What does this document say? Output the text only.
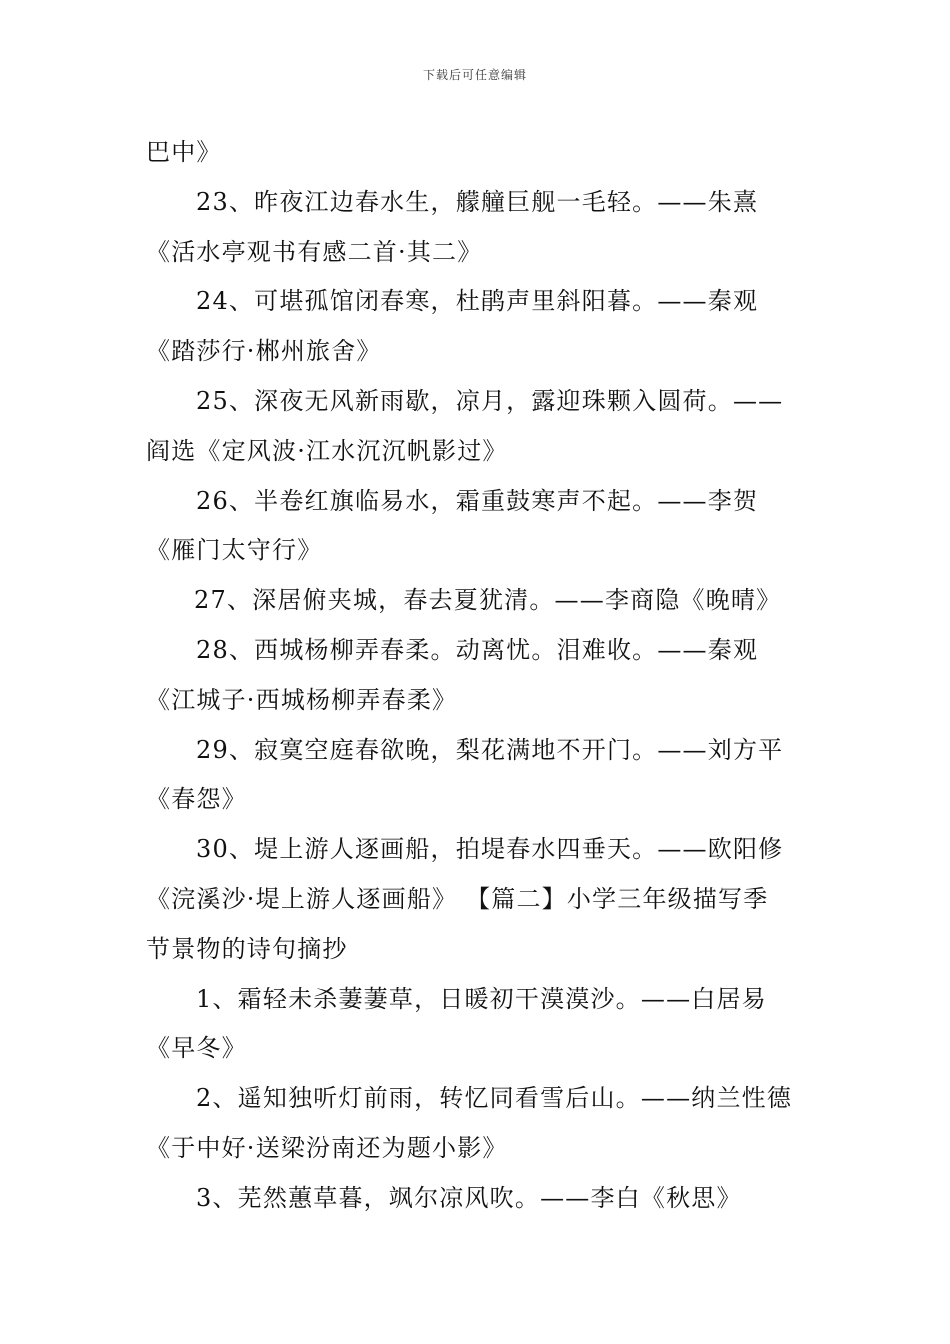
下载后可任意编辑
巴中》
23、昨夜江边春水生，艨艟巨舰一毛轻。——朱熹
《活水亭观书有感二首·其二》
24、可堪孤馆闭春寒，杜鹃声里斜阳暮。——秦观
《踏莎行·郴州旅舍》
25、深夜无风新雨歇，凉月，露迎珠颗入圆荷。——
阎选《定风波·江水沉沉帆影过》
26、半卷红旗临易水，霜重鼓寒声不起。——李贺
《雁门太守行》
27、深居俯夹城，春去夏犹清。——李商隐《晚晴》
28、西城杨柳弄春柔。动离忧。泪难收。——秦观
《江城子·西城杨柳弄春柔》
29、寂寞空庭春欲晚，梨花满地不开门。——刘方平
《春怨》
30、堤上游人逐画船，拍堤春水四垂天。——欧阳修
《浣溪沙·堤上游人逐画船》 【篇二】小学三年级描写季
节景物的诗句摘抄
1、霜轻未杀萋萋草，日暖初干漠漠沙。——白居易
《早冬》
2、遥知独听灯前雨，转忆同看雪后山。——纳兰性德
《于中好·送梁汾南还为题小影》
3、芜然蕙草暮，飒尔凉风吹。——李白《秋思》
